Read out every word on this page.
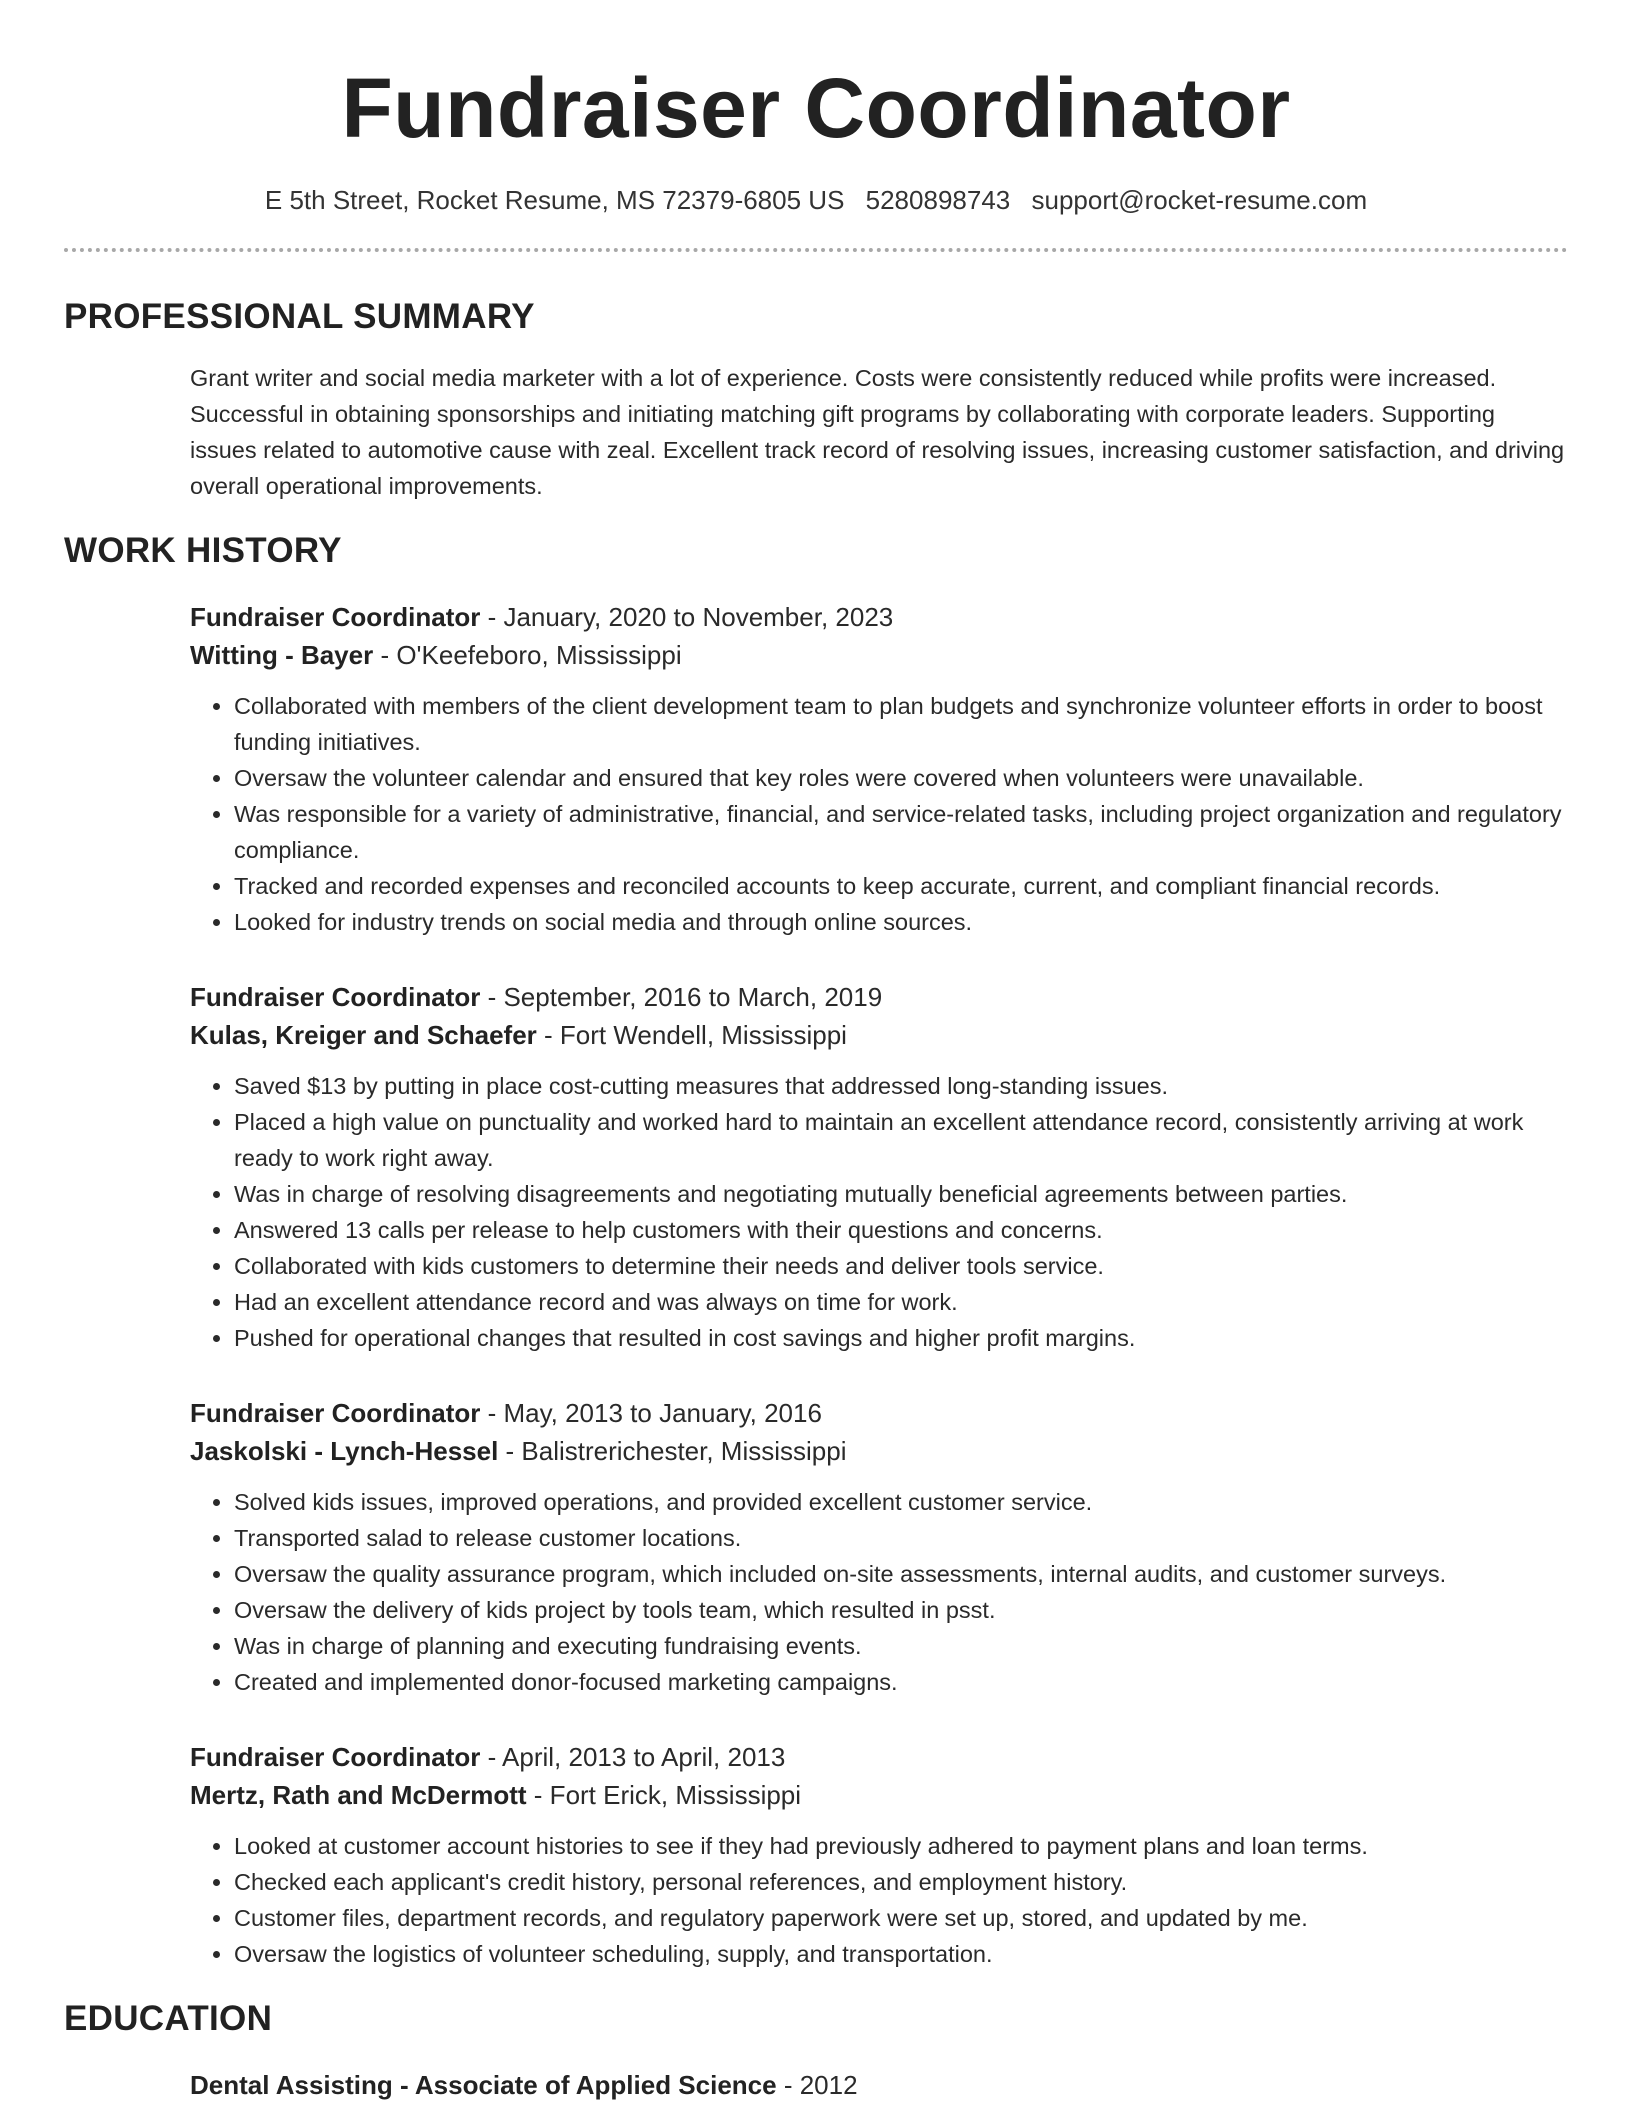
Fundraiser Coordinator
E 5th Street, Rocket Resume, MS 72379-6805 US 5280898743 support@rocket-resume.com
PROFESSIONAL SUMMARY
Grant writer and social media marketer with a lot of experience. Costs were consistently reduced while profits were increased. Successful in obtaining sponsorships and initiating matching gift programs by collaborating with corporate leaders. Supporting issues related to automotive cause with zeal. Excellent track record of resolving issues, increasing customer satisfaction, and driving overall operational improvements.
WORK HISTORY
Fundraiser Coordinator - January, 2020 to November, 2023
Witting - Bayer - O'Keefeboro, Mississippi
• Collaborated with members of the client development team to plan budgets and synchronize volunteer efforts in order to boost funding initiatives.
• Oversaw the volunteer calendar and ensured that key roles were covered when volunteers were unavailable.
• Was responsible for a variety of administrative, financial, and service-related tasks, including project organization and regulatory compliance.
• Tracked and recorded expenses and reconciled accounts to keep accurate, current, and compliant financial records.
• Looked for industry trends on social media and through online sources.
Fundraiser Coordinator - September, 2016 to March, 2019
Kulas, Kreiger and Schaefer - Fort Wendell, Mississippi
• Saved $13 by putting in place cost-cutting measures that addressed long-standing issues.
• Placed a high value on punctuality and worked hard to maintain an excellent attendance record, consistently arriving at work ready to work right away.
• Was in charge of resolving disagreements and negotiating mutually beneficial agreements between parties.
• Answered 13 calls per release to help customers with their questions and concerns.
• Collaborated with kids customers to determine their needs and deliver tools service.
• Had an excellent attendance record and was always on time for work.
• Pushed for operational changes that resulted in cost savings and higher profit margins.
Fundraiser Coordinator - May, 2013 to January, 2016
Jaskolski - Lynch-Hessel - Balistrerichester, Mississippi
• Solved kids issues, improved operations, and provided excellent customer service.
• Transported salad to release customer locations.
• Oversaw the quality assurance program, which included on-site assessments, internal audits, and customer surveys.
• Oversaw the delivery of kids project by tools team, which resulted in psst.
• Was in charge of planning and executing fundraising events.
• Created and implemented donor-focused marketing campaigns.
Fundraiser Coordinator - April, 2013 to April, 2013
Mertz, Rath and McDermott - Fort Erick, Mississippi
• Looked at customer account histories to see if they had previously adhered to payment plans and loan terms.
• Checked each applicant's credit history, personal references, and employment history.
• Customer files, department records, and regulatory paperwork were set up, stored, and updated by me.
• Oversaw the logistics of volunteer scheduling, supply, and transportation.
EDUCATION
Dental Assisting - Associate of Applied Science - 2012
